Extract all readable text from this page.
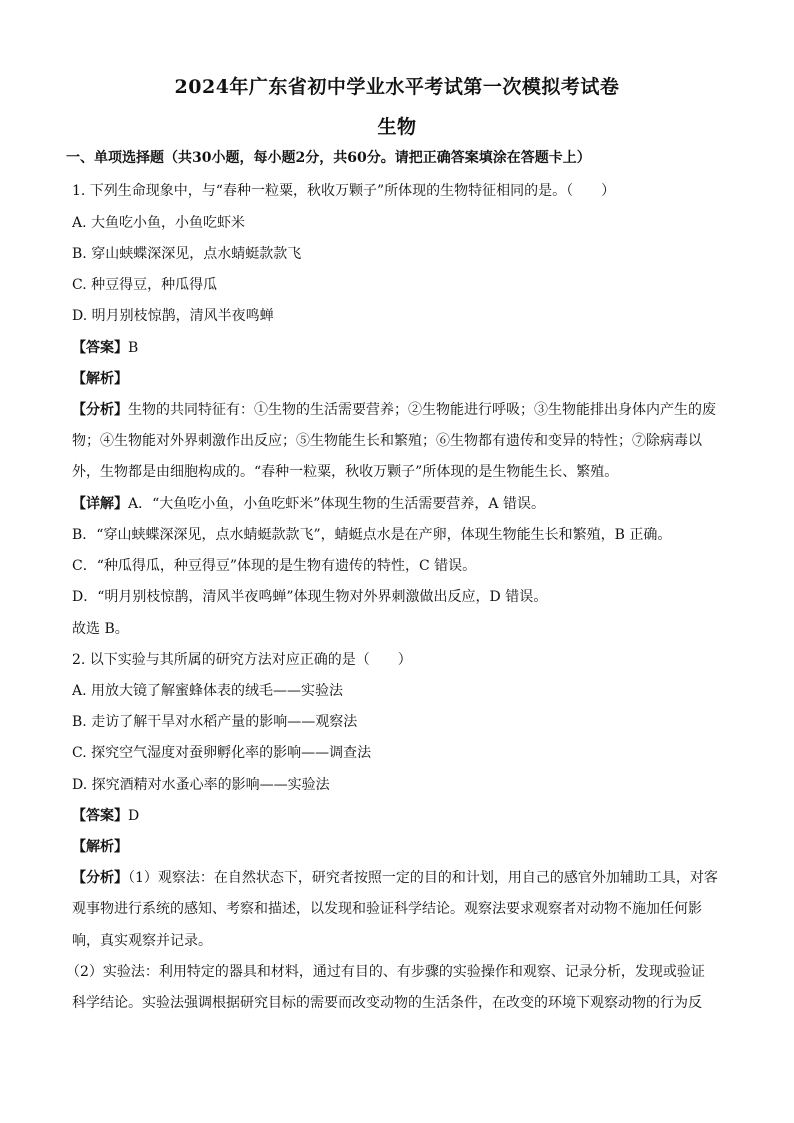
2024年广东省初中学业水平考试第一次模拟考试卷
生物
一、单项选择题（共30小题，每小题2分，共60分。请把正确答案填涂在答题卡上）
1. 下列生命现象中，与“春种一粒粟，秋收万颗子”所体现的生物特征相同的是。（　　）
A. 大鱼吃小鱼，小鱼吃虾米
B. 穿山蛱蝶深深见，点水蜻蜓款款飞
C. 种豆得豆，种瓜得瓜
D. 明月别枝惊鹊，清风半夜鸣蝉
【答案】B
【解析】
【分析】生物的共同特征有：①生物的生活需要营养；②生物能进行呼吸；③生物能排出身体内产生的废
物；④生物能对外界刺激作出反应；⑤生物能生长和繁殖；⑥生物都有遗传和变异的特性；⑦除病毒以
外，生物都是由细胞构成的。“春种一粒粟，秋收万颗子”所体现的是生物能生长、繁殖。
【详解】A．“大鱼吃小鱼，小鱼吃虾米”体现生物的生活需要营养，A 错误。
B．“穿山蛱蝶深深见，点水蜻蜓款款飞”，蜻蜓点水是在产卵，体现生物能生长和繁殖，B 正确。
C．“种瓜得瓜，种豆得豆”体现的是生物有遗传的特性，C 错误。
D．“明月别枝惊鹊，清风半夜鸣蝉”体现生物对外界刺激做出反应，D 错误。
故选 B。
2. 以下实验与其所属的研究方法对应正确的是（　　）
A. 用放大镜了解蜜蜂体表的绒毛——实验法
B. 走访了解干旱对水稻产量的影响——观察法
C. 探究空气湿度对蚕卵孵化率的影响——调查法
D. 探究酒精对水蚤心率的影响——实验法
【答案】D
【解析】
【分析】（1）观察法：在自然状态下，研究者按照一定的目的和计划，用自己的感官外加辅助工具，对客
观事物进行系统的感知、考察和描述，以发现和验证科学结论。观察法要求观察者对动物不施加任何影
响，真实观察并记录。
（2）实验法：利用特定的器具和材料，通过有目的、有步骤的实验操作和观察、记录分析，发现或验证
科学结论。实验法强调根据研究目标的需要而改变动物的生活条件，在改变的环境下观察动物的行为反
